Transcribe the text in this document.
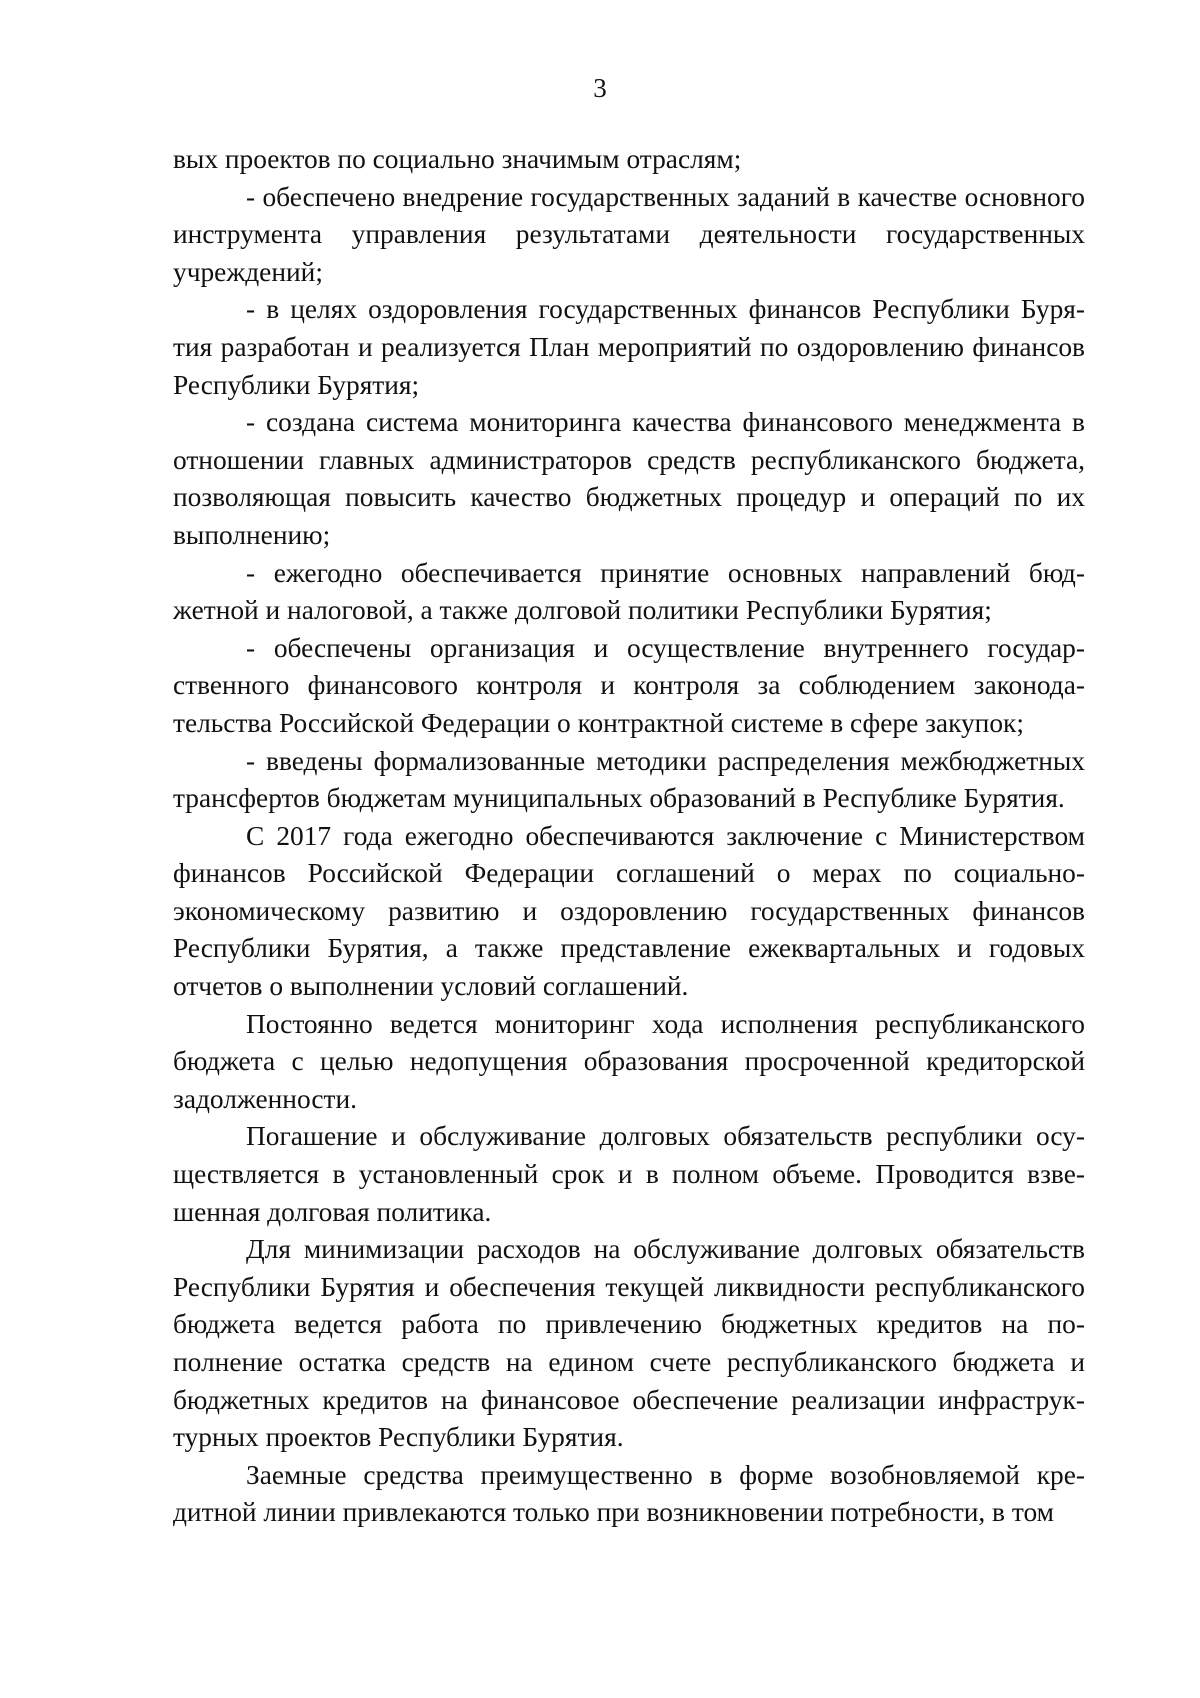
3

вых проектов по социально значимым отраслям;

- обеспечено внедрение государственных заданий в качестве основного инструмента управления результатами деятельности государственных учреждений;

- в целях оздоровления государственных финансов Республики Бурятия разработан и реализуется План мероприятий по оздоровлению финансов Республики Бурятия;

- создана система мониторинга качества финансового менеджмента в отношении главных администраторов средств республиканского бюджета, позволяющая повысить качество бюджетных процедур и операций по их выполнению;

- ежегодно обеспечивается принятие основных направлений бюджетной и налоговой, а также долговой политики Республики Бурятия;

- обеспечены организация и осуществление внутреннего государственного финансового контроля и контроля за соблюдением законодательства Российской Федерации о контрактной системе в сфере закупок;

- введены формализованные методики распределения межбюджетных трансфертов бюджетам муниципальных образований в Республике Бурятия.

С 2017 года ежегодно обеспечиваются заключение с Министерством финансов Российской Федерации соглашений о мерах по социально-экономическому развитию и оздоровлению государственных финансов Республики Бурятия, а также представление ежеквартальных и годовых отчетов о выполнении условий соглашений.

Постоянно ведется мониторинг хода исполнения республиканского бюджета с целью недопущения образования просроченной кредиторской задолженности.

Погашение и обслуживание долговых обязательств республики осуществляется в установленный срок и в полном объеме. Проводится взвешенная долговая политика.

Для минимизации расходов на обслуживание долговых обязательств Республики Бурятия и обеспечения текущей ликвидности республиканского бюджета ведется работа по привлечению бюджетных кредитов на пополнение остатка средств на едином счете республиканского бюджета и бюджетных кредитов на финансовое обеспечение реализации инфраструктурных проектов Республики Бурятия.

Заемные средства преимущественно в форме возобновляемой кредитной линии привлекаются только при возникновении потребности, в том
